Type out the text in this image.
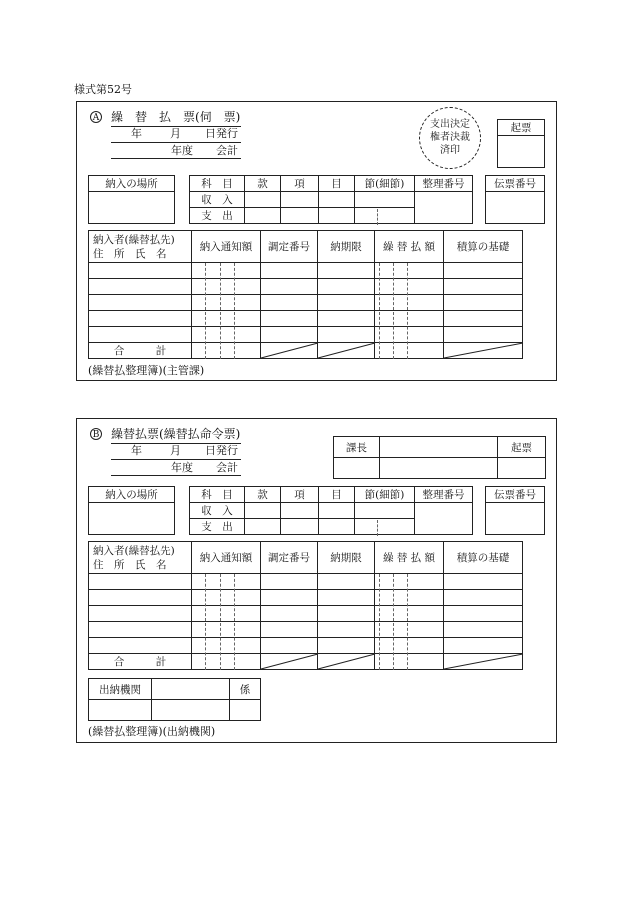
様式第52号
A 繰　替　払　票(伺　票)
年	月 日発行
年度 会計
支出決定
権者決裁
済印
起票

納入の場所	科　目	款	項	目	節(細節)	整理番号
収　入					
支　出					
伝票番号

納入者(繰替払先)
住　所　氏　名	納入通知額	調定番号	納期限	繰 替 払 額	積算の基礎

合　　　計					
(繰替払整理簿)(主管課)
B 繰替払票(繰替払命令票)
年	月 日発行
年度 会計
課長		起票

納入の場所	科　目	款	項	目	節(細節)	整理番号
収　入					
支　出					
伝票番号

納入者(繰替払先)
住　所　氏　名	納入通知額	調定番号	納期限	繰 替 払 額	積算の基礎

合　　　計					
出納機関		係

(繰替払整理簿)(出納機関)
